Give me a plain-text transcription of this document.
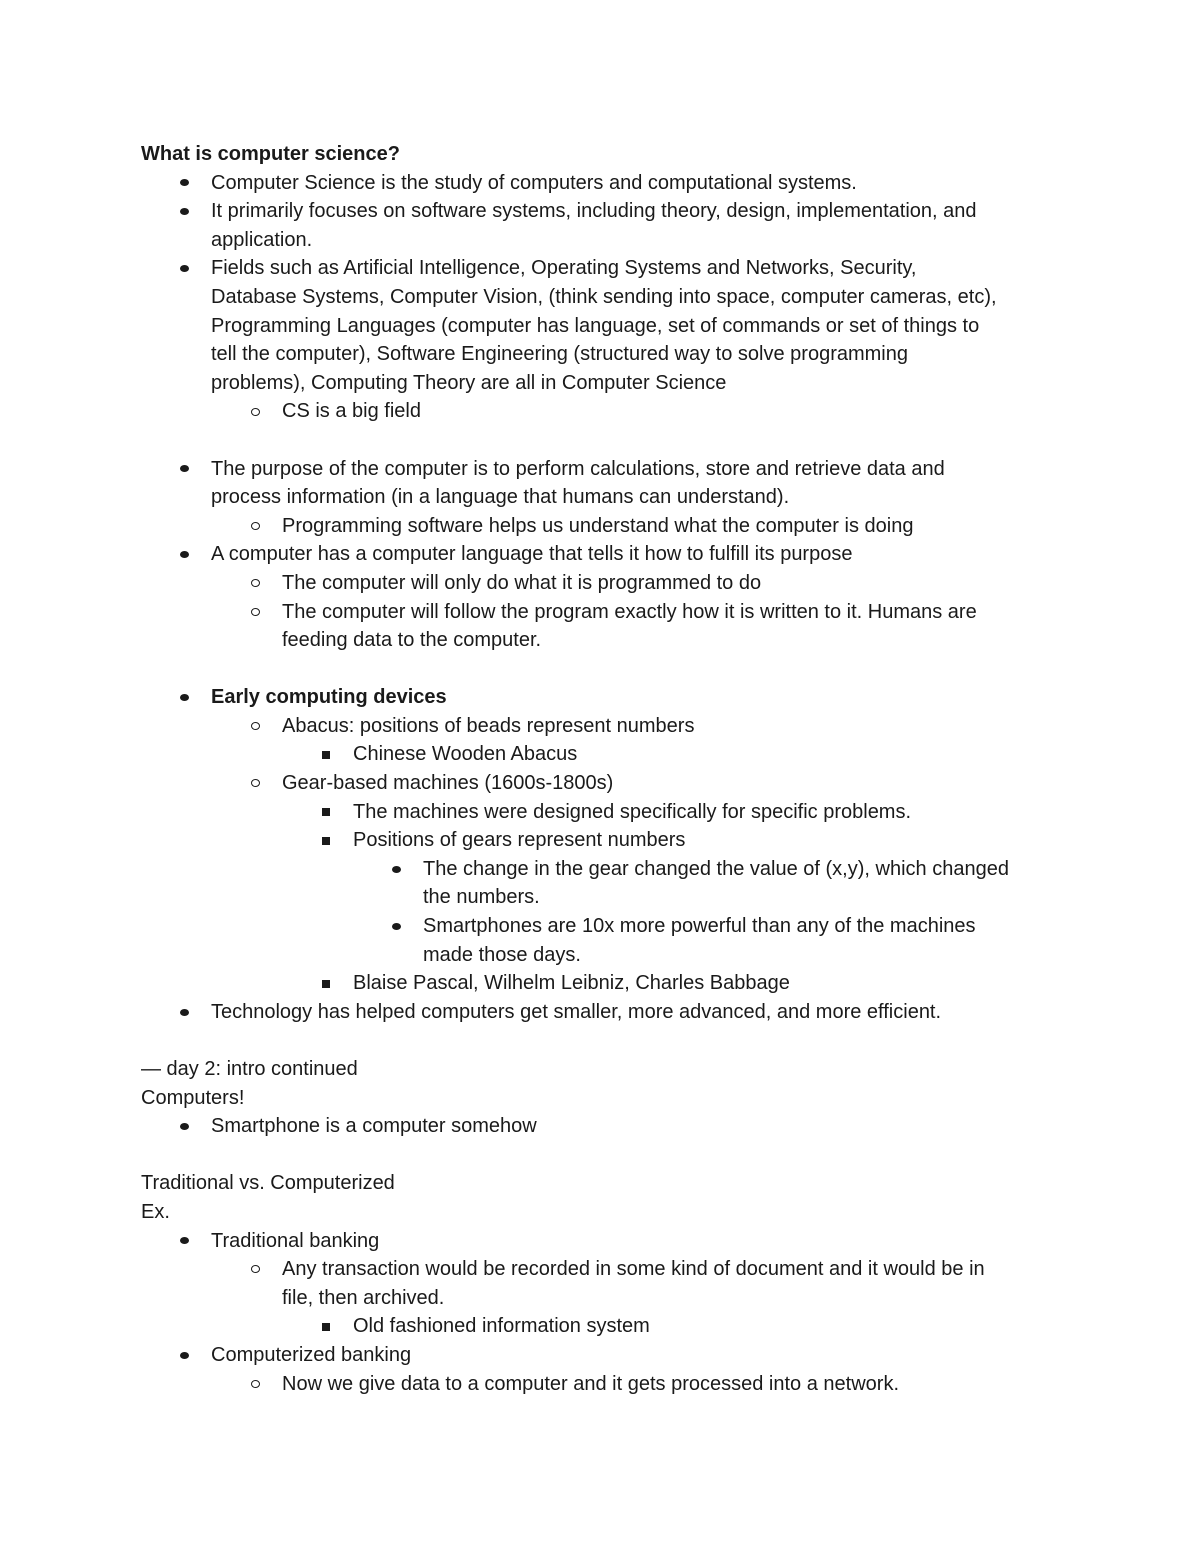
What is computer science?
Computer Science is the study of computers and computational systems.
It primarily focuses on software systems, including theory, design, implementation, and
application.
Fields such as Artificial Intelligence, Operating Systems and Networks, Security,
Database Systems, Computer Vision, (think sending into space, computer cameras, etc),
Programming Languages (computer has language, set of commands or set of things to
tell the computer), Software Engineering (structured way to solve programming
problems), Computing Theory are all in Computer Science
CS is a big field
The purpose of the computer is to perform calculations, store and retrieve data and
process information (in a language that humans can understand).
Programming software helps us understand what the computer is doing
A computer has a computer language that tells it how to fulfill its purpose
The computer will only do what it is programmed to do
The computer will follow the program exactly how it is written to it. Humans are
feeding data to the computer.
Early computing devices
Abacus: positions of beads represent numbers
Chinese Wooden Abacus
Gear-based machines (1600s-1800s)
The machines were designed specifically for specific problems.
Positions of gears represent numbers
The change in the gear changed the value of (x,y), which changed
the numbers.
Smartphones are 10x more powerful than any of the machines
made those days.
Blaise Pascal, Wilhelm Leibniz, Charles Babbage
Technology has helped computers get smaller, more advanced, and more efficient.
— day 2: intro continued
Computers!
Smartphone is a computer somehow
Traditional vs. Computerized
Ex.
Traditional banking
Any transaction would be recorded in some kind of document and it would be in
file, then archived.
Old fashioned information system
Computerized banking
Now we give data to a computer and it gets processed into a network.
